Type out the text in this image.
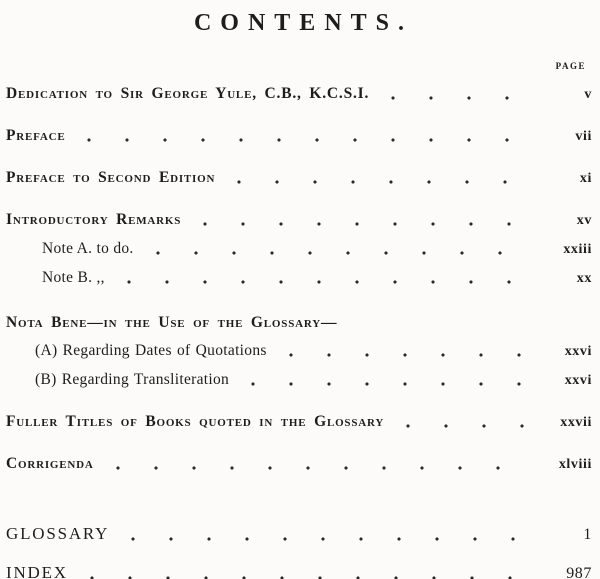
CONTENTS.
PAGE
Dedication to Sir George Yule, C.B., K.C.S.I.	v
Preface	vii
Preface to Second Edition	xi
Introductory Remarks	xv
Note A. to do.	xxiii
Note B. ,,	xx
Nota Bene—in the Use of the Glossary—
(A) Regarding Dates of Quotations	xxvi
(B) Regarding Transliteration	xxvi
Fuller Titles of Books quoted in the Glossary	xxvii
Corrigenda	xlviii
GLOSSARY	1
INDEX	987
